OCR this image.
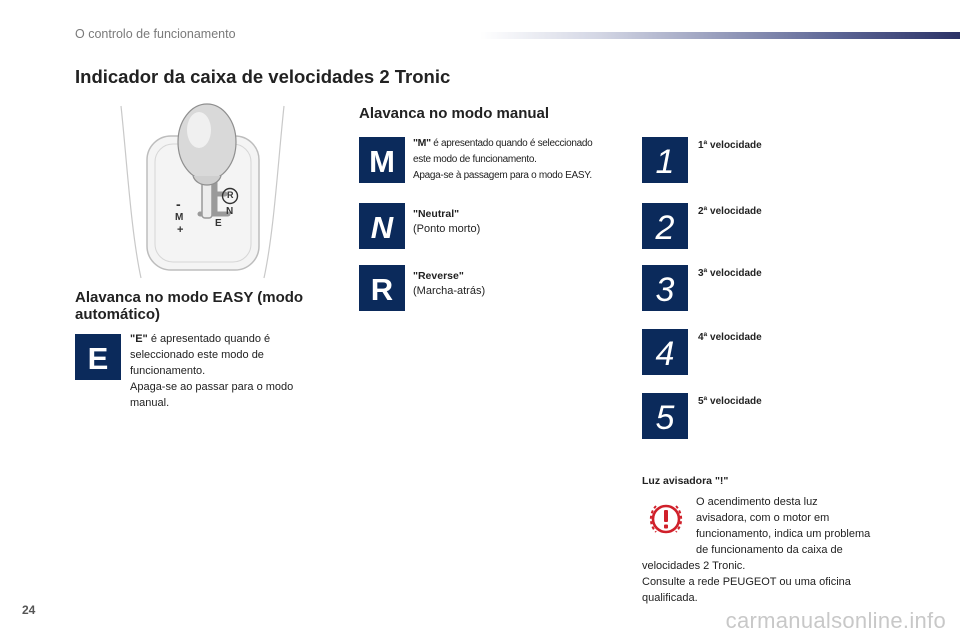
O controlo de funcionamento
Indicador da caixa de velocidades 2 Tronic
-
M
+
E
R
N
Alavanca no modo EASY (modo automático)
E
"E" é apresentado quando é
seleccionado este modo de
funcionamento.
Apaga-se ao passar para o modo
manual.
Alavanca no modo manual
M
"M" é apresentado quando é seleccionado
este modo de funcionamento.
Apaga-se à passagem para o modo EASY.
N "Neutral"
(Ponto morto)
R "Reverse"
(Marcha-atrás)
1 1ª velocidade
2 2ª velocidade
3 3ª velocidade
4 4ª velocidade
5 5ª velocidade
Luz avisadora "!"
O acendimento desta luz
avisadora, com o motor em
funcionamento, indica um problema
de funcionamento da caixa de
velocidades 2 Tronic.
Consulte a rede PEUGEOT ou uma oficina
qualificada.
24	carmanualsonline.info
